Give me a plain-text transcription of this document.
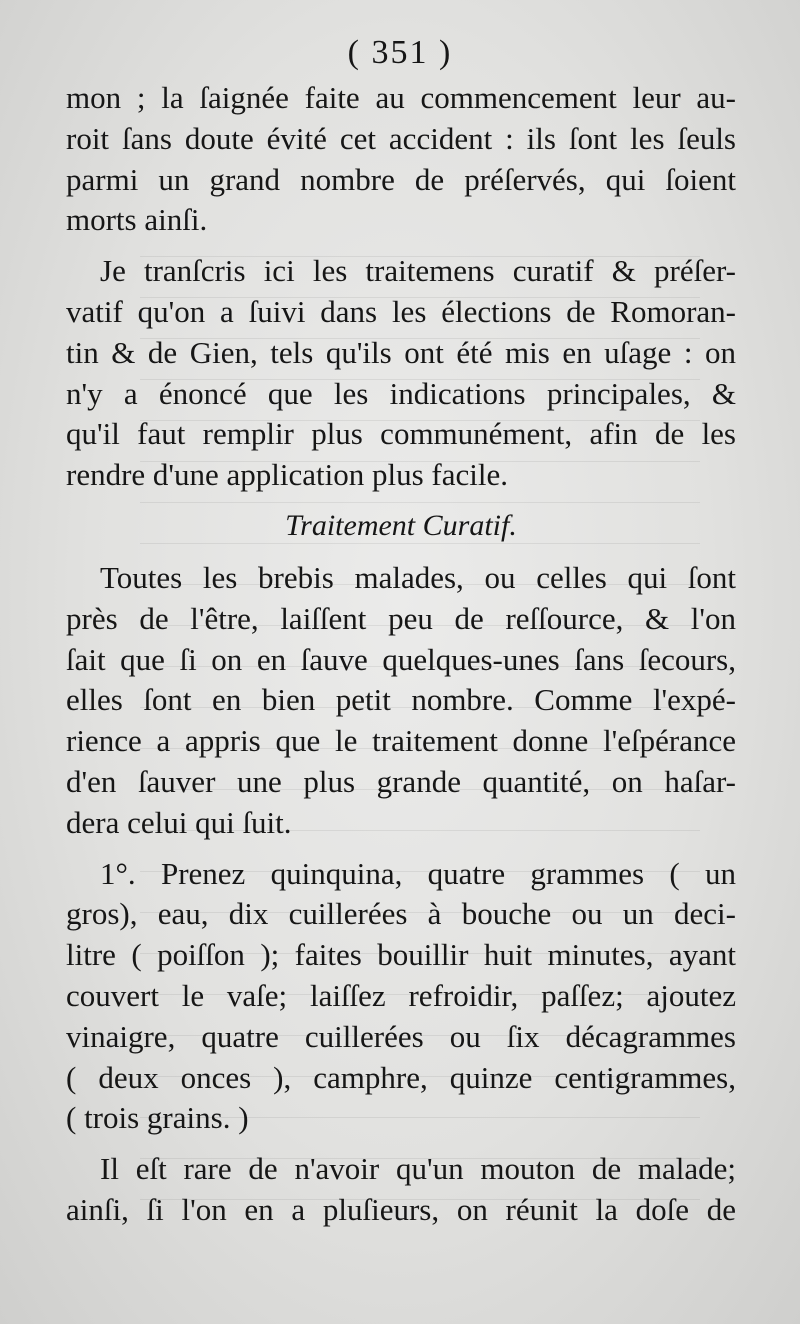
( 351 )

mon ; la ſaignée faite au commencement leur au-
roit ſans doute évité cet accident : ils ſont les ſeuls
parmi un grand nombre de préſervés, qui ſoient
morts ainſi.

Je tranſcris ici les traitemens curatif & préſer-
vatif qu'on a ſuivi dans les élections de Romoran-
tin & de Gien, tels qu'ils ont été mis en uſage : on
n'y a énoncé que les indications principales, &
qu'il faut remplir plus communément, afin de les
rendre d'une application plus facile.

Traitement Curatif.

Toutes les brebis malades, ou celles qui ſont
près de l'être, laiſſent peu de reſſource, & l'on
ſait que ſi on en ſauve quelques-unes ſans ſecours,
elles ſont en bien petit nombre. Comme l'expé-
rience a appris que le traitement donne l'eſpérance
d'en ſauver une plus grande quantité, on haſar-
dera celui qui ſuit.

1°. Prenez quinquina, quatre grammes ( un
gros), eau, dix cuillerées à bouche ou un deci-
litre ( poiſſon ); faites bouillir huit minutes, ayant
couvert le vaſe; laiſſez refroidir, paſſez; ajoutez
vinaigre, quatre cuillerées ou ſix décagrammes
( deux onces ), camphre, quinze centigrammes,
( trois grains. )

Il eſt rare de n'avoir qu'un mouton de malade;
ainſi, ſi l'on en a pluſieurs, on réunit la doſe de
